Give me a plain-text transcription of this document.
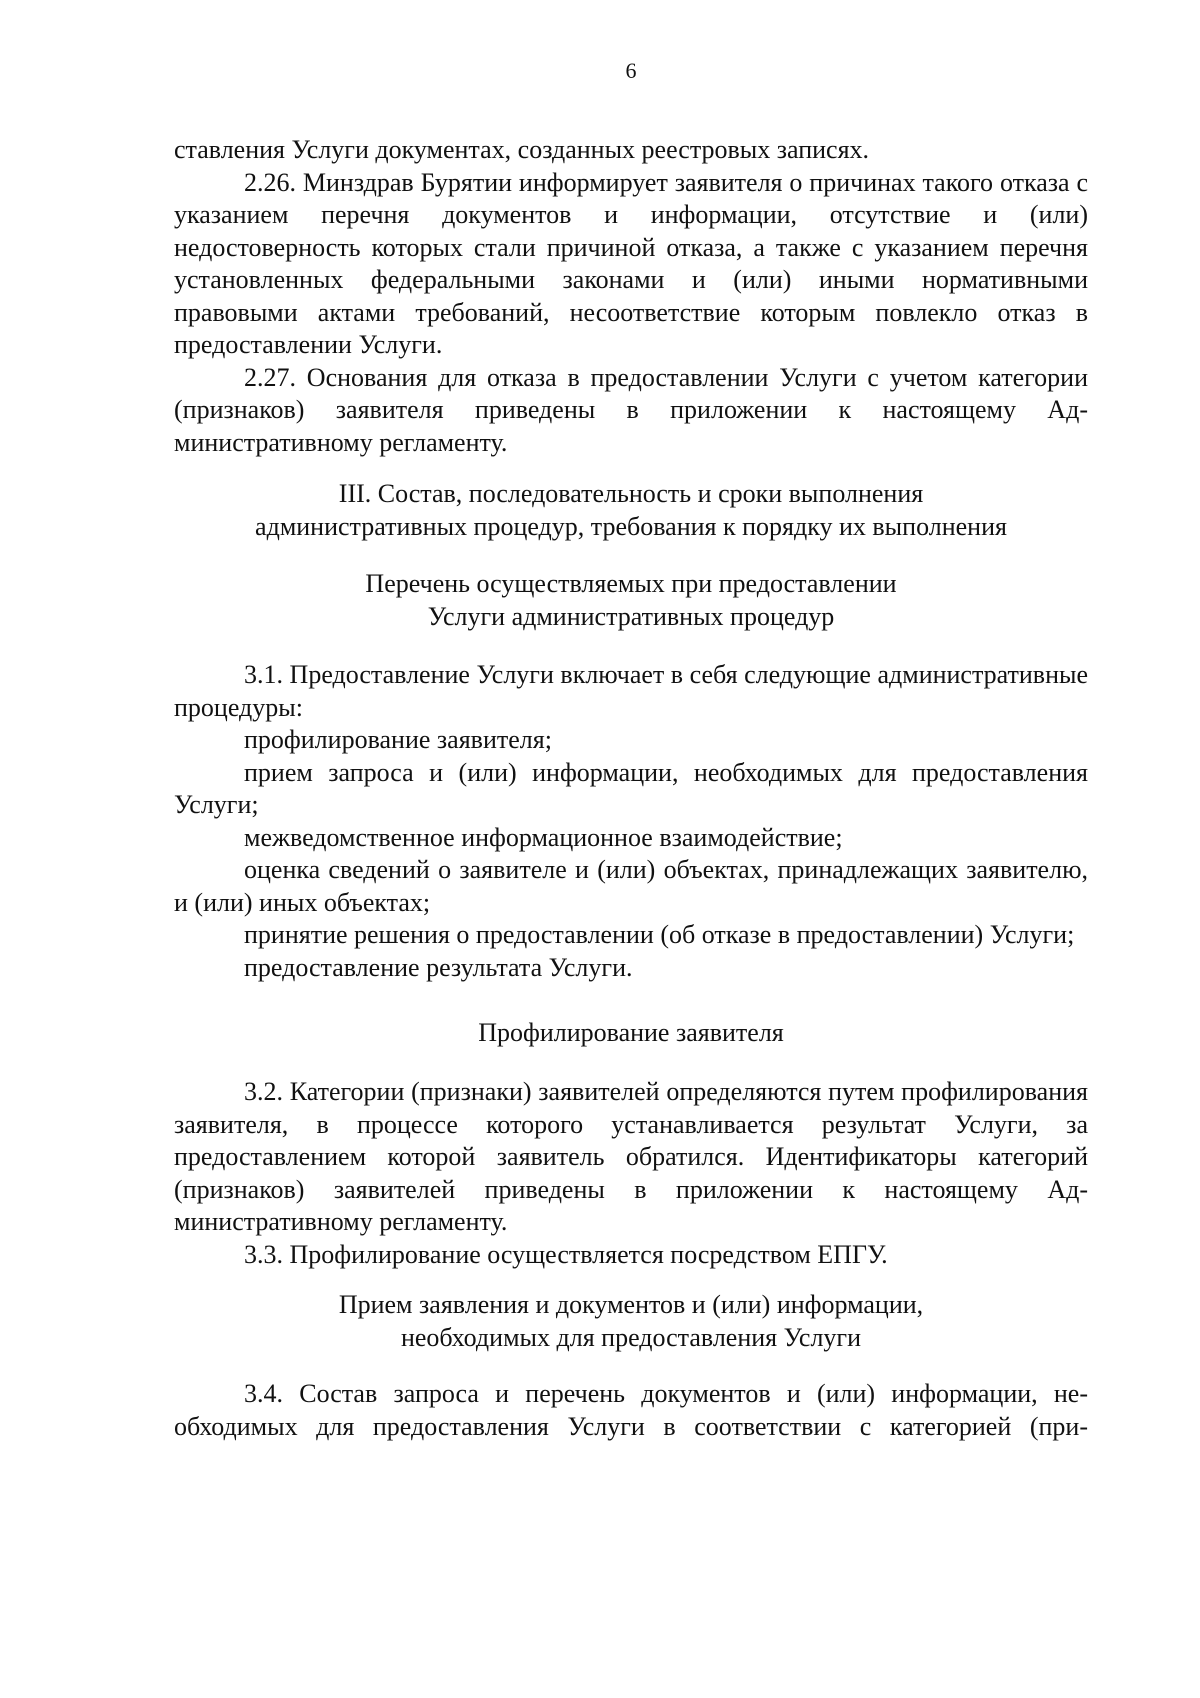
6

ставления Услуги документах, созданных реестровых записях.

2.26. Минздрав Бурятии информирует заявителя о причинах такого отказа с указанием перечня документов и информации, отсутствие и (или) недостоверность которых стали причиной отказа, а также с указанием перечня установленных федеральными законами и (или) иными нормативными правовыми актами требований, несоответствие которым повлекло отказ в предоставлении Услуги.

2.27. Основания для отказа в предоставлении Услуги с учетом категории (признаков) заявителя приведены в приложении к настоящему Административному регламенту.

III. Состав, последовательность и сроки выполнения
административных процедур, требования к порядку их выполнения
Перечень осуществляемых при предоставлении
Услуги административных процедур

3.1. Предоставление Услуги включает в себя следующие административные процедуры:

профилирование заявителя;

прием запроса и (или) информации, необходимых для предоставления Услуги;

межведомственное информационное взаимодействие;

оценка сведений о заявителе и (или) объектах, принадлежащих заявителю, и (или) иных объектах;

принятие решения о предоставлении (об отказе в предоставлении) Услуги;

предоставление результата Услуги.

Профилирование заявителя

3.2. Категории (признаки) заявителей определяются путем профилирования заявителя, в процессе которого устанавливается результат Услуги, за предоставлением которой заявитель обратился. Идентификаторы категорий (признаков) заявителей приведены в приложении к настоящему Административному регламенту.

3.3. Профилирование осуществляется посредством ЕПГУ.

Прием заявления и документов и (или) информации,
необходимых для предоставления Услуги

3.4. Состав запроса и перечень документов и (или) информации, необходимых для предоставления Услуги в соответствии с категорией (при-
